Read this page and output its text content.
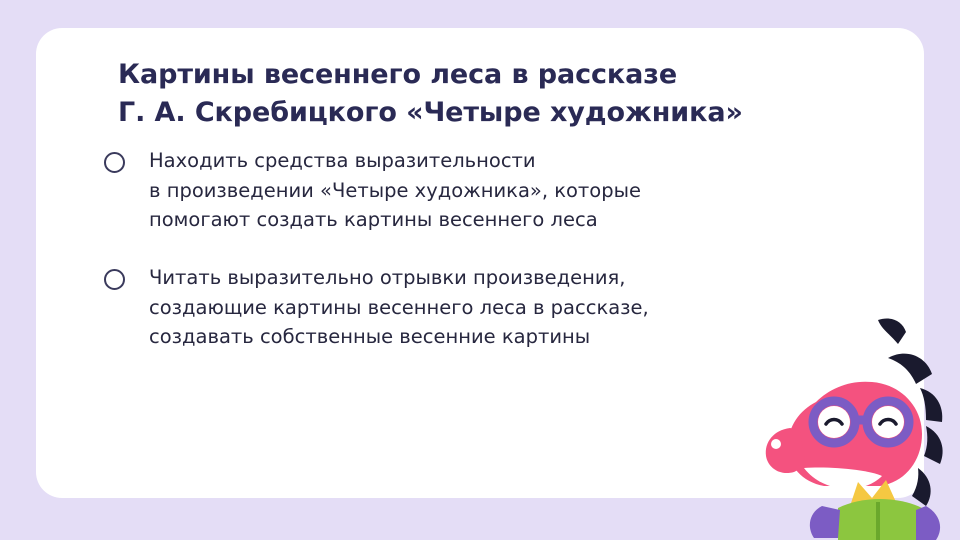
Картины весеннего леса в рассказе
Г. А. Скребицкого «Четыре художника»
Находить средства выразительности
в произведении «Четыре художника», которые
помогают создать картины весеннего леса
Читать выразительно отрывки произведения,
создающие картины весеннего леса в рассказе,
создавать собственные весенние картины
